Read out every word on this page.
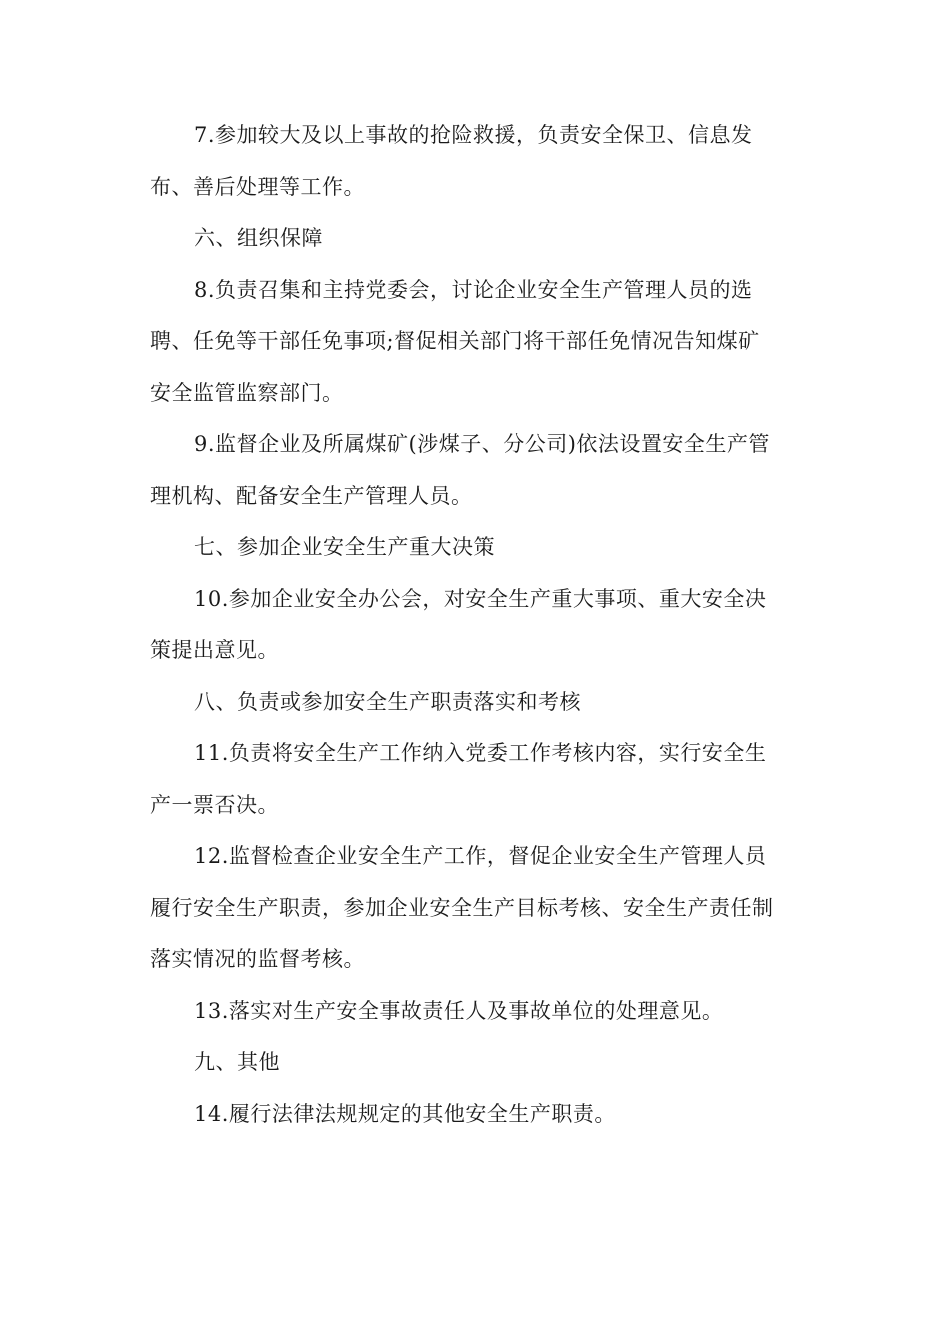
7.参加较大及以上事故的抢险救援，负责安全保卫、信息发
布、善后处理等工作。

六、组织保障

8.负责召集和主持党委会，讨论企业安全生产管理人员的选
聘、任免等干部任免事项;督促相关部门将干部任免情况告知煤矿
安全监管监察部门。

9.监督企业及所属煤矿(涉煤子、分公司)依法设置安全生产管
理机构、配备安全生产管理人员。

七、参加企业安全生产重大决策

10.参加企业安全办公会，对安全生产重大事项、重大安全决
策提出意见。

八、负责或参加安全生产职责落实和考核

11.负责将安全生产工作纳入党委工作考核内容，实行安全生
产一票否决。

12.监督检查企业安全生产工作，督促企业安全生产管理人员
履行安全生产职责，参加企业安全生产目标考核、安全生产责任制
落实情况的监督考核。

13.落实对生产安全事故责任人及事故单位的处理意见。

九、其他

14.履行法律法规规定的其他安全生产职责。
